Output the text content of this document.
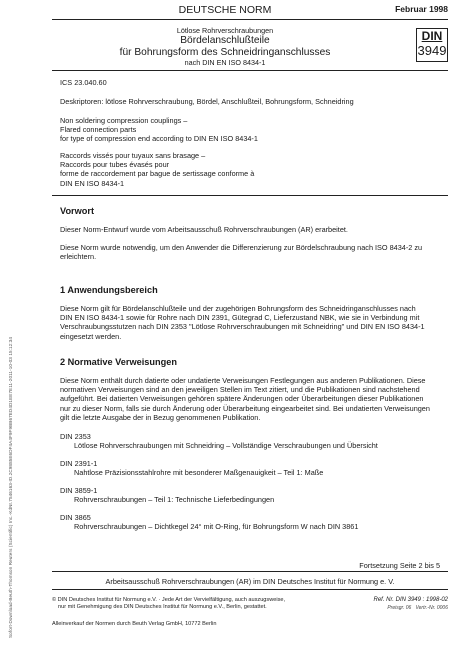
Sofort-Download-Beuth-Thomson Reuters (Scientific) Inc.-KdNr.7546163-ID.2C9885E6DF4A4F9F9BB67ED4D1EE7E11-2011-10-03 15:12:34
DEUTSCHE NORM	Februar 1998
Lötlose Rohrverschraubungen
Bördelanschlußteile
für Bohrungsform des Schneidringanschlusses
nach DIN EN ISO 8434-1
DIN
3949
ICS 23.040.60
Deskriptoren: lötlose Rohrverschraubung, Bördel, Anschlußteil, Bohrungsform, Schneidring
Non soldering compression couplings –
Flared connection parts
for type of compression end according to DIN EN ISO 8434-1
Raccords vissés pour tuyaux sans brasage –
Raccords pour tubes évasés pour
forme de raccordement par bague de sertissage conforme à
DIN EN ISO 8434-1
Vorwort
Dieser Norm-Entwurf wurde vom Arbeitsausschuß Rohrverschraubungen (AR) erarbeitet.
Diese Norm wurde notwendig, um den Anwender die Differenzierung zur Bördelschraubung nach ISO 8434-2 zu
erleichtern.
1 Anwendungsbereich
Diese Norm gilt für Bördelanschlußteile und der zugehörigen Bohrungsform des Schneidringanschlusses nach
DIN EN ISO 8434-1 sowie für Rohre nach DIN 2391, Gütegrad C, Lieferzustand NBK, wie sie in Verbindung mit
Verschraubungsstutzen nach DIN 2353 "Lötlose Rohrverschraubungen mit Schneidring" und DIN EN ISO 8434-1
eingesetzt werden.
2 Normative Verweisungen
Diese Norm enthält durch datierte oder undatierte Verweisungen Festlegungen aus anderen Publikationen. Diese
normativen Verweisungen sind an den jeweiligen Stellen im Text zitiert, und die Publikationen sind nachstehend
aufgeführt. Bei datierten Verweisungen gehören spätere Änderungen oder Überarbeitungen dieser Publikationen
nur zu dieser Norm, falls sie durch Änderung oder Überarbeitung eingearbeitet sind. Bei undatierten Verweisungen
gilt die letzte Ausgabe der in Bezug genommenen Publikation.
DIN 2353
Lötlose Rohrverschraubungen mit Schneidring – Vollständige Verschraubungen und Übersicht
DIN 2391-1
Nahtlose Präzisionsstahlrohre mit besonderer Maßgenauigkeit – Teil 1: Maße
DIN 3859-1
Rohrverschraubungen – Teil 1: Technische Lieferbedingungen
DIN 3865
Rohrverschraubungen – Dichtkegel 24° mit O-Ring, für Bohrungsform W nach DIN 3861
Fortsetzung Seite 2 bis 5
Arbeitsausschuß Rohrverschraubungen (AR) im DIN Deutsches Institut für Normung e. V.
© DIN Deutsches Institut für Normung e.V. · Jede Art der Vervielfältigung, auch auszugsweise,
nur mit Genehmigung des DIN Deutsches Institut für Normung e.V., Berlin, gestattet.
Ref. Nr. DIN 3949 : 1998-02
Preisgr. 06 Vertr.-Nr. 0006
Alleinverkauf der Normen durch Beuth Verlag GmbH, 10772 Berlin
